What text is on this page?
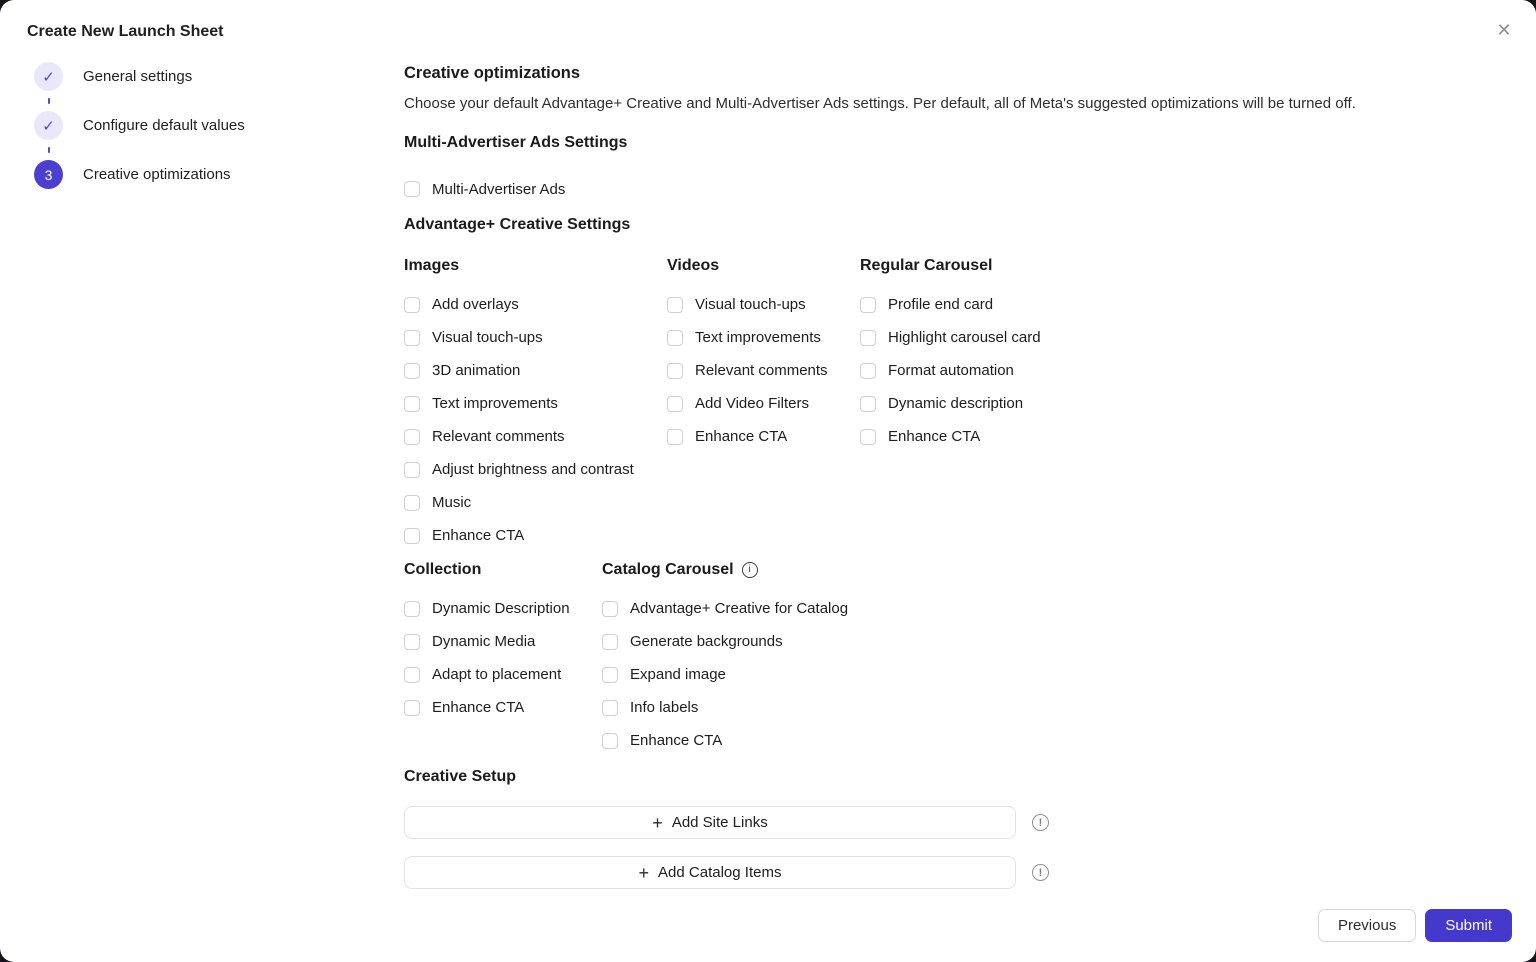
Create New Launch Sheet	✕
✓	General settings
✓	Configure default values
3	Creative optimizations
Creative optimizations

Choose your default Advantage+ Creative and Multi-Advertiser Ads settings. Per default, all of Meta's suggested optimizations will be turned off.

Multi-Advertiser Ads Settings
Multi-Advertiser Ads
Advantage+ Creative Settings
Images
Add overlays
Visual touch-ups
3D animation
Text improvements
Relevant comments
Adjust brightness and contrast
Music
Enhance CTA
Videos
Visual touch-ups
Text improvements
Relevant comments
Add Video Filters
Enhance CTA
Regular Carousel
Profile end card
Highlight carousel card
Format automation
Dynamic description
Enhance CTA
Collection
Dynamic Description
Dynamic Media
Adapt to placement
Enhance CTA
Catalog Carousel	i
Advantage+ Creative for Catalog
Generate backgrounds
Expand image
Info labels
Enhance CTA
Creative Setup
+ Add Site Links	!
+ Add Catalog Items	!
Previous	Submit
